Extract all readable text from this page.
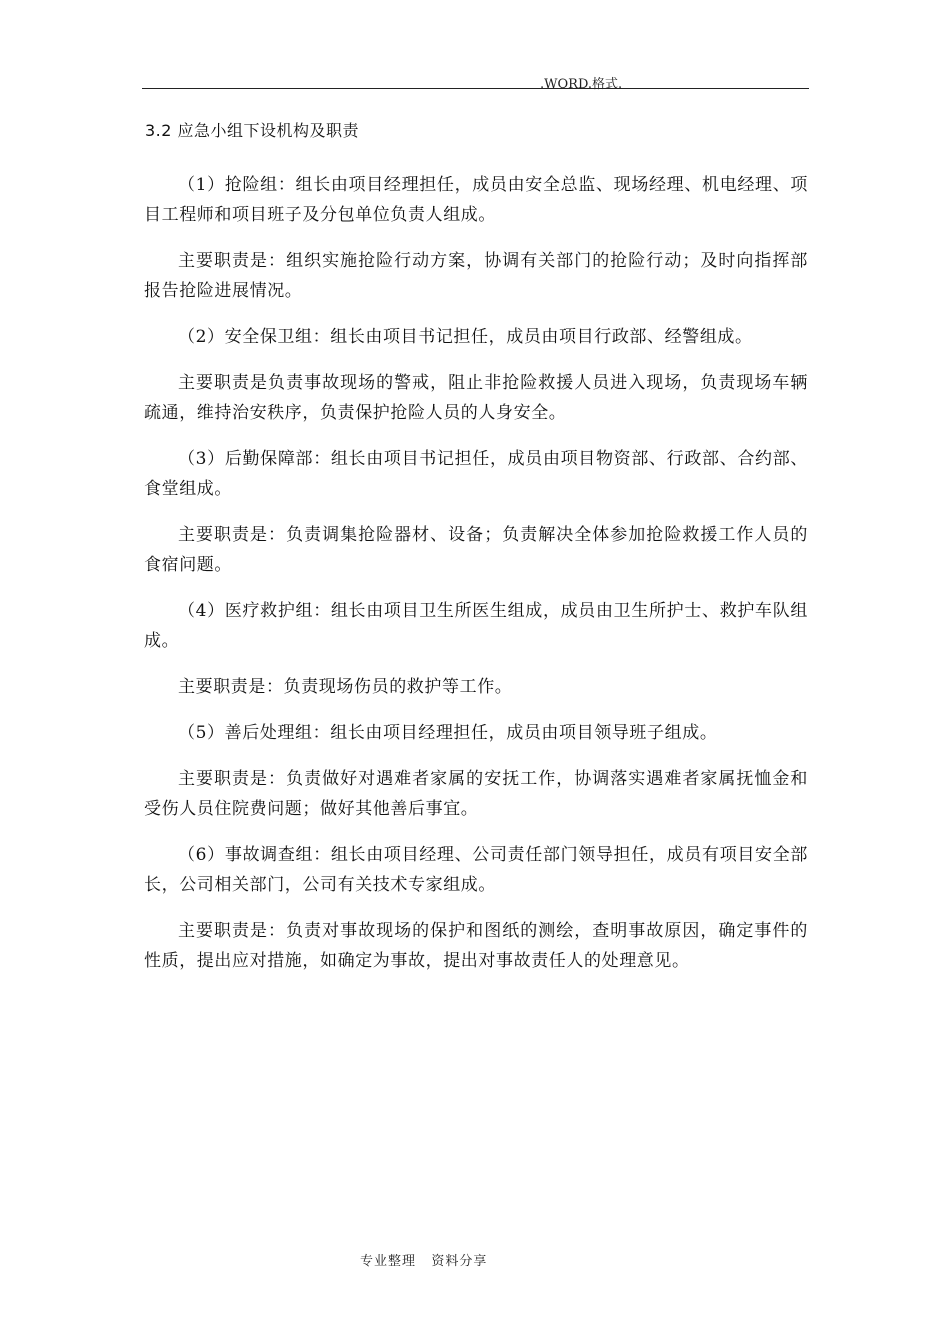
.WORD.格式.
3.2 应急小组下设机构及职责

（1）抢险组：组长由项目经理担任，成员由安全总监、现场经理、机电经理、项目工程师和项目班子及分包单位负责人组成。

主要职责是：组织实施抢险行动方案，协调有关部门的抢险行动；及时向指挥部报告抢险进展情况。

（2）安全保卫组：组长由项目书记担任，成员由项目行政部、经警组成。

主要职责是负责事故现场的警戒，阻止非抢险救援人员进入现场，负责现场车辆疏通，维持治安秩序，负责保护抢险人员的人身安全。

（3）后勤保障部：组长由项目书记担任，成员由项目物资部、行政部、合约部、食堂组成。

主要职责是：负责调集抢险器材、设备；负责解决全体参加抢险救援工作人员的食宿问题。

（4）医疗救护组：组长由项目卫生所医生组成，成员由卫生所护士、救护车队组成。

主要职责是：负责现场伤员的救护等工作。

（5）善后处理组：组长由项目经理担任，成员由项目领导班子组成。

主要职责是：负责做好对遇难者家属的安抚工作，协调落实遇难者家属抚恤金和受伤人员住院费问题；做好其他善后事宜。

（6）事故调查组：组长由项目经理、公司责任部门领导担任，成员有项目安全部长，公司相关部门，公司有关技术专家组成。

主要职责是：负责对事故现场的保护和图纸的测绘，查明事故原因，确定事件的性质，提出应对措施，如确定为事故，提出对事故责任人的处理意见。

专业整理   资料分享
